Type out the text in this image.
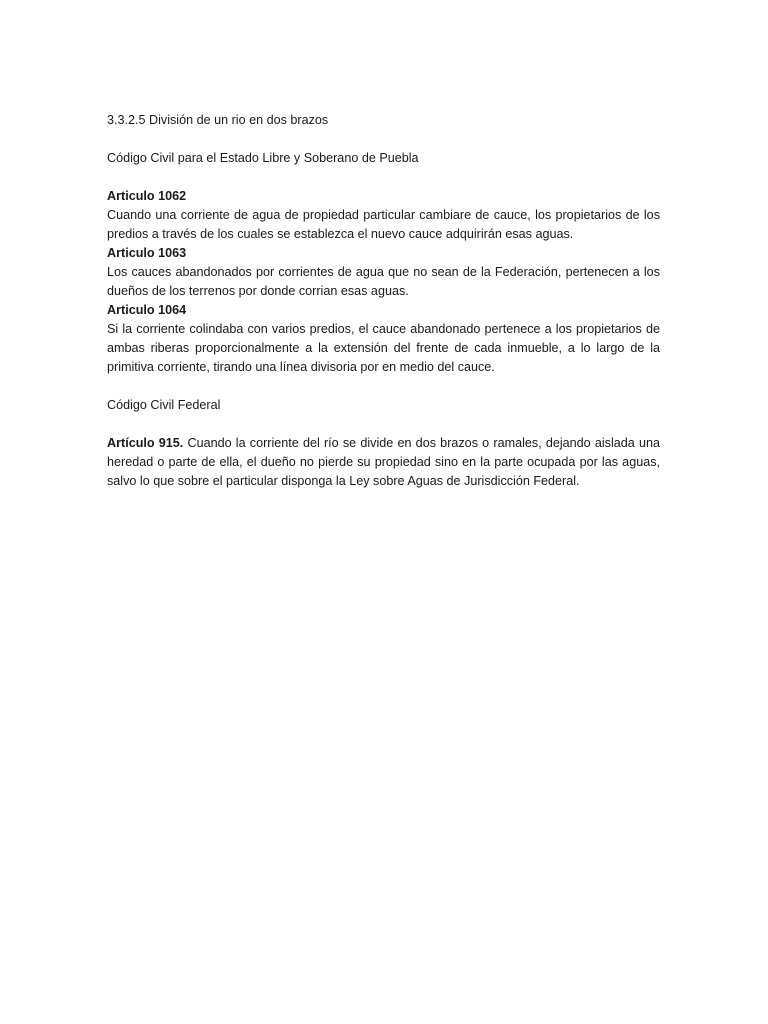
3.3.2.5 División de un rio en dos brazos

Código Civil para el Estado Libre y Soberano de Puebla

Articulo 1062

Cuando una corriente de agua de propiedad particular cambiare de cauce, los propietarios de los predios a través de los cuales se establezca el nuevo cauce adquirirán esas aguas.

Articulo 1063

Los cauces abandonados por corrientes de agua que no sean de la Federación, pertenecen a los dueños de los terrenos por donde corrian esas aguas.

Articulo 1064

Si la corriente colindaba con varios predios, el cauce abandonado pertenece a los propietarios de ambas riberas proporcionalmente a la extensión del frente de cada inmueble, a lo largo de la primitiva corriente, tirando una línea divisoria por en medio del cauce.

Código Civil Federal

Artículo 915. Cuando la corriente del río se divide en dos brazos o ramales, dejando aislada una heredad o parte de ella, el dueño no pierde su propiedad sino en la parte ocupada por las aguas, salvo lo que sobre el particular disponga la Ley sobre Aguas de Jurisdicción Federal.
